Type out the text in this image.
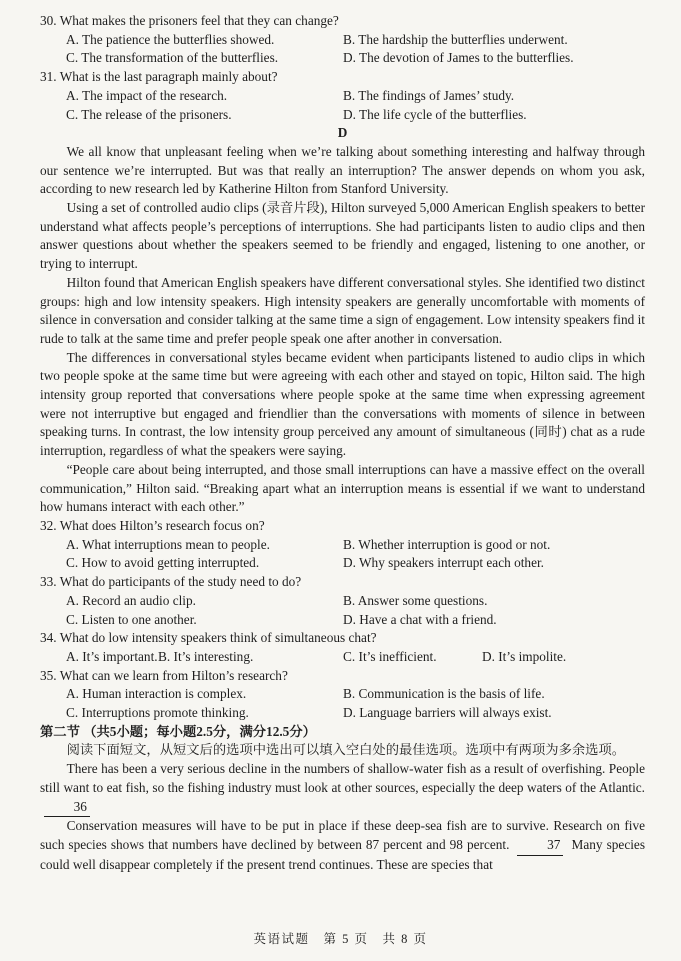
30. What makes the prisoners feel that they can change?

A. The patience the butterflies showed.	B. The hardship the butterflies underwent.
C. The transformation of the butterflies.	D. The devotion of James to the butterflies.

31. What is the last paragraph mainly about?

A. The impact of the research.	B. The findings of James’ study.
C. The release of the prisoners.	D. The life cycle of the butterflies.

D

We all know that unpleasant feeling when we’re talking about something interesting and halfway through our sentence we’re interrupted. But was that really an interruption? The answer depends on whom you ask, according to new research led by Katherine Hilton from Stanford University.

Using a set of controlled audio clips (录音片段), Hilton surveyed 5,000 American English speakers to better understand what affects people’s perceptions of interruptions. She had participants listen to audio clips and then answer questions about whether the speakers seemed to be friendly and engaged, listening to one another, or trying to interrupt.

Hilton found that American English speakers have different conversational styles. She identified two distinct groups: high and low intensity speakers. High intensity speakers are generally uncomfortable with moments of silence in conversation and consider talking at the same time a sign of engagement. Low intensity speakers find it rude to talk at the same time and prefer people speak one after another in conversation.

The differences in conversational styles became evident when participants listened to audio clips in which two people spoke at the same time but were agreeing with each other and stayed on topic, Hilton said. The high intensity group reported that conversations where people spoke at the same time when expressing agreement were not interruptive but engaged and friendlier than the conversations with moments of silence in between speaking turns. In contrast, the low intensity group perceived any amount of simultaneous (同时) chat as a rude interruption, regardless of what the speakers were saying.

“People care about being interrupted, and those small interruptions can have a massive effect on the overall communication,” Hilton said. “Breaking apart what an interruption means is essential if we want to understand how humans interact with each other.”

32. What does Hilton’s research focus on?

A. What interruptions mean to people.	B. Whether interruption is good or not.
C. How to avoid getting interrupted.	D. Why speakers interrupt each other.

33. What do participants of the study need to do?

A. Record an audio clip.	B. Answer some questions.
C. Listen to one another.	D. Have a chat with a friend.

34. What do low intensity speakers think of simultaneous chat?

A. It’s important. B. It’s interesting.	C. It’s inefficient.	D. It’s impolite.

35. What can we learn from Hilton’s research?

A. Human interaction is complex.	B. Communication is the basis of life.
C. Interruptions promote thinking.	D. Language barriers will always exist.

第二节 （共5小题；每小题2.5分，满分12.5分）

阅读下面短文，从短文后的选项中选出可以填入空白处的最佳选项。选项中有两项为多余选项。

There has been a very serious decline in the numbers of shallow-water fish as a result of overfishing. People still want to eat fish, so the fishing industry must look at other sources, especially the deep waters of the Atlantic. 36

Conservation measures will have to be put in place if these deep-sea fish are to survive. Research on five such species shows that numbers have declined by between 87 percent and 98 percent.	37 Many species could well disappear completely if the present trend continues. These are species that

英语试题　第 5 页　共 8 页
